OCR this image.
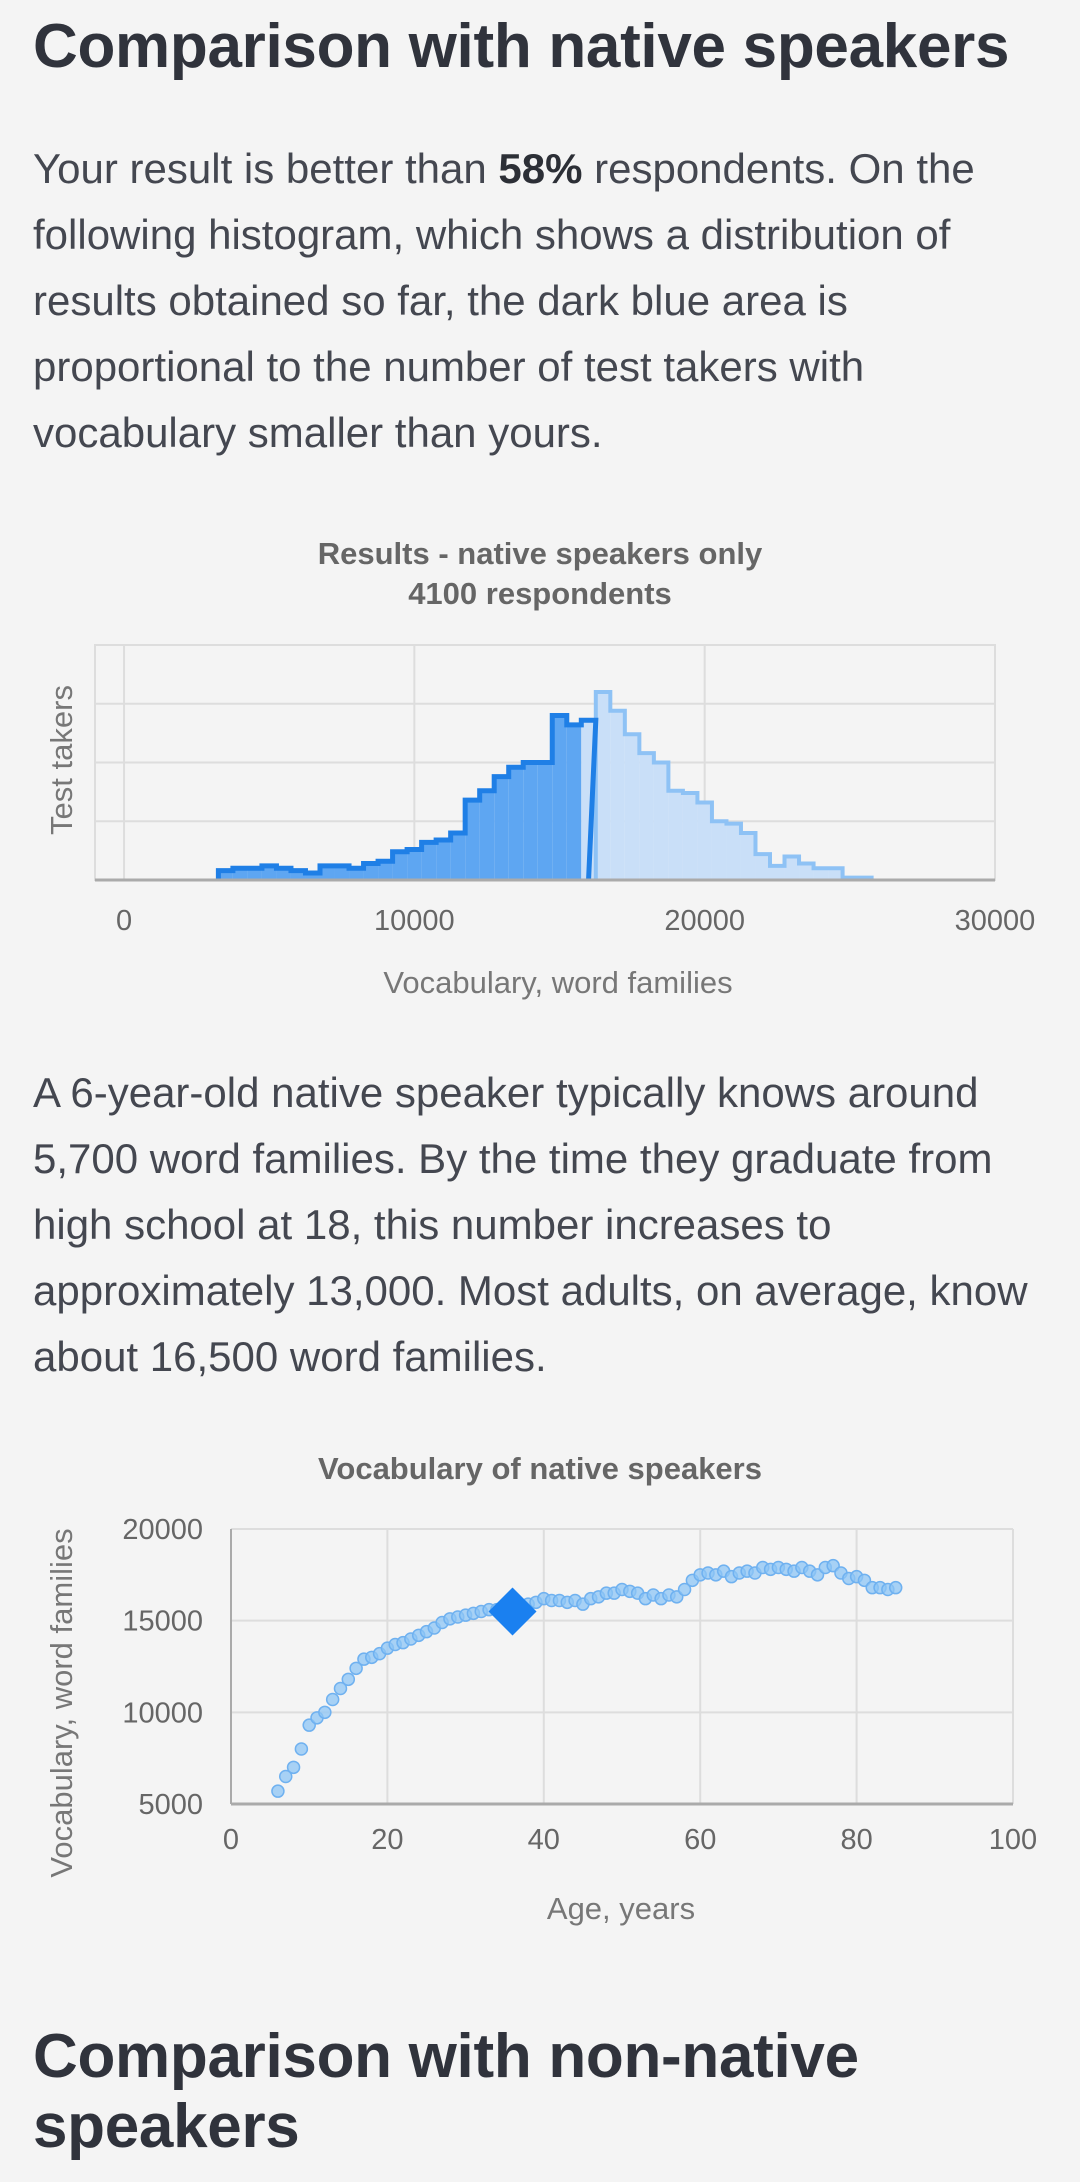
Comparison with native speakers

Your result is better than 58% respondents. On the following histogram, which shows a distribution of results obtained so far, the dark blue area is proportional to the number of test takers with vocabulary smaller than yours.

Results - native speakers only
4100 respondents
0	10000	20000	30000
Vocabulary, word families
Test takers

A 6-year-old native speaker typically knows around 5,700 word families. By the time they graduate from high school at 18, this number increases to approximately 13,000. Most adults, on average, know about 16,500 word families.

Vocabulary of native speakers
5000
10000
15000
20000
0	20	40	60	80	100
Age, years
Vocabulary, word families
Comparison with non-native speakers
